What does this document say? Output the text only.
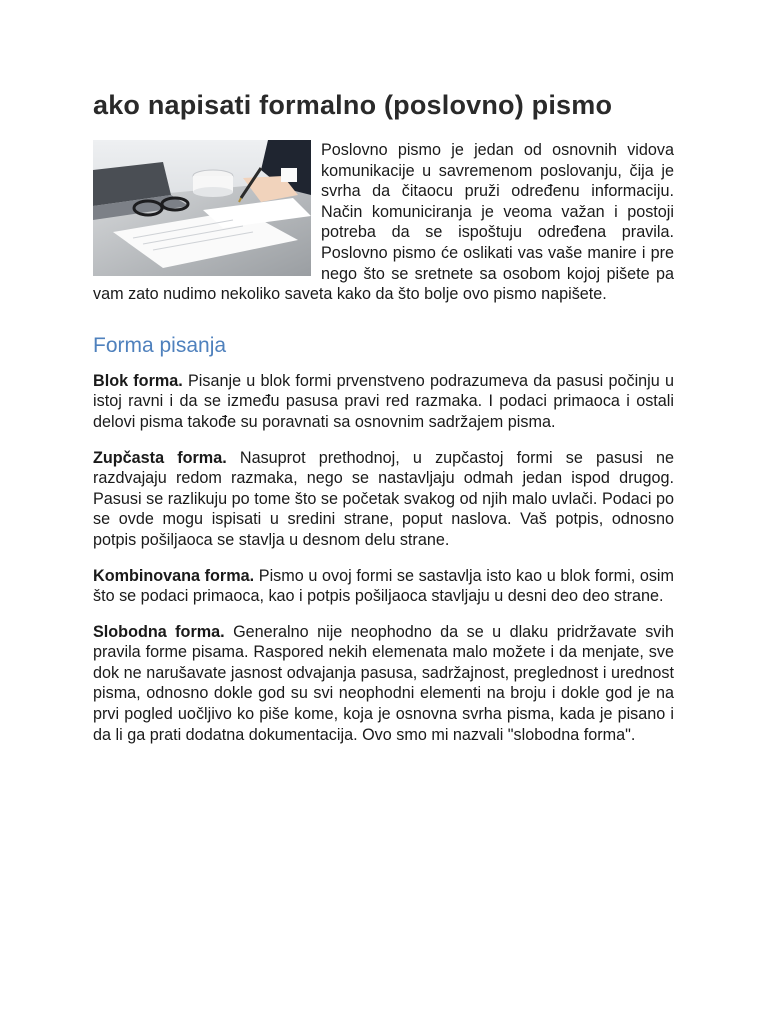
ako napisati formalno (poslovno) pismo
Poslovno pismo je jedan od osnovnih vidova komunikacije u savremenom poslovanju, čija je svrha da čitaocu pruži određenu informaciju. Način komuniciranja je veoma važan i postoji potreba da se ispoštuju određena pravila. Poslovno pismo će oslikati vas vaše manire i pre nego što se sretnete sa osobom kojoj pišete pa vam zato nudimo nekoliko saveta kako da što bolje ovo pismo napišete.
Forma pisanja

Blok forma. Pisanje u blok formi prvenstveno podrazumeva da pasusi počinju u istoj ravni i da se između pasusa pravi red razmaka. I podaci primaoca i ostali delovi pisma takođe su poravnati sa osnovnim sadržajem pisma.

Zupčasta forma. Nasuprot prethodnoj, u zupčastoj formi se pasusi ne razdvajaju redom razmaka, nego se nastavljaju odmah jedan ispod drugog. Pasusi se razlikuju po tome što se početak svakog od njih malo uvlači. Podaci po se ovde mogu ispisati u sredini strane, poput naslova. Vaš potpis, odnosno potpis pošiljaoca se stavlja u desnom delu strane.

Kombinovana forma. Pismo u ovoj formi se sastavlja isto kao u blok formi, osim što se podaci primaoca, kao i potpis pošiljaoca stavljaju u desni deo deo strane.

Slobodna forma. Generalno nije neophodno da se u dlaku pridržavate svih pravila forme pisama. Raspored nekih elemenata malo možete i da menjate, sve dok ne narušavate jasnost odvajanja pasusa, sadržajnost, preglednost i urednost pisma, odnosno dokle god su svi neophodni elementi na broju i dokle god je na prvi pogled uočljivo ko piše kome, koja je osnovna svrha pisma, kada je pisano i da li ga prati dodatna dokumentacija. Ovo smo mi nazvali "slobodna forma".
